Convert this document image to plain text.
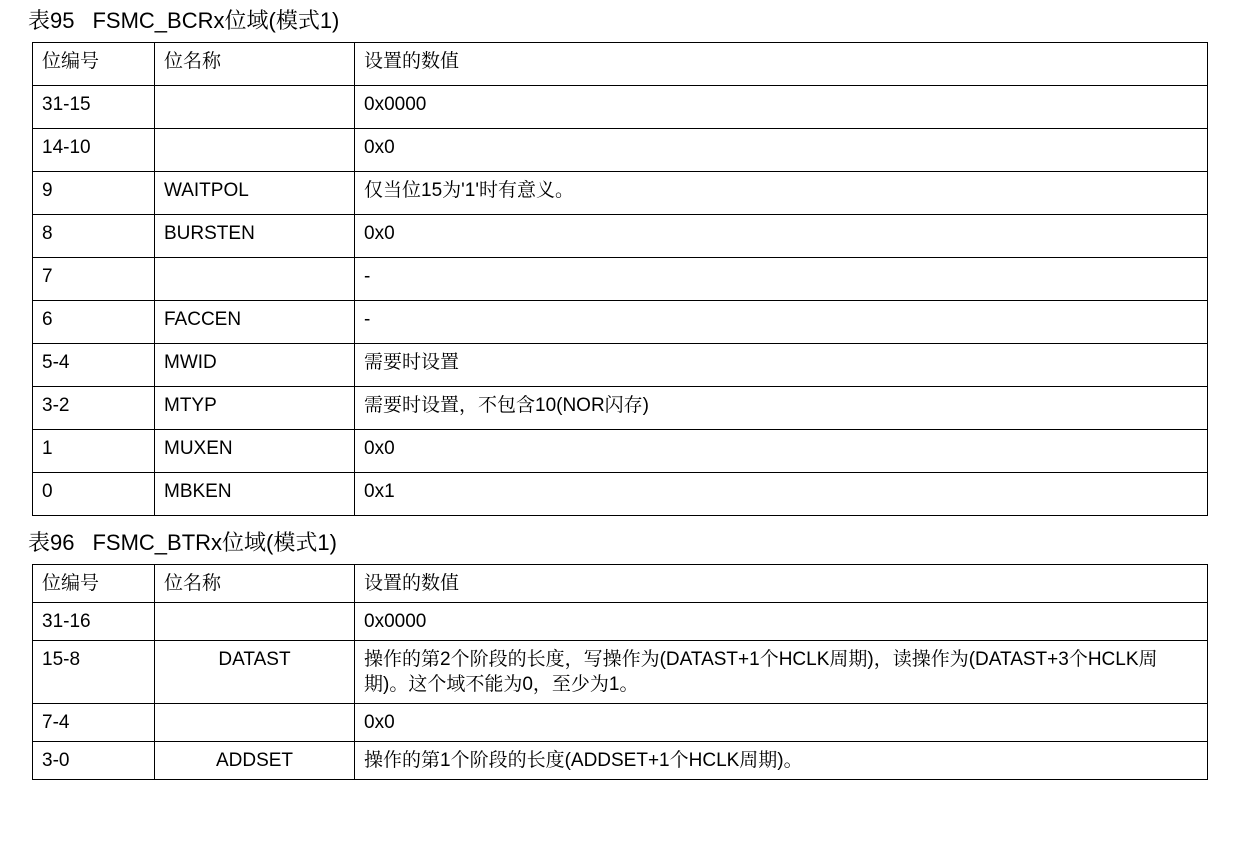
表95 FSMC_BCRx位域(模式1)
位编号	位名称	设置的数值
31-15		0x0000
14-10		0x0
9	WAITPOL	仅当位15为'1'时有意义。
8	BURSTEN	0x0
7		-
6	FACCEN	-
5-4	MWID	需要时设置
3-2	MTYP	需要时设置，不包含10(NOR闪存)
1	MUXEN	0x0
0	MBKEN	0x1
表96 FSMC_BTRx位域(模式1)
位编号	位名称	设置的数值
31-16		0x0000
15-8	DATAST	操作的第2个阶段的长度，写操作为(DATAST+1个HCLK周期)，读操作为(DATAST+3个HCLK周期)。这个域不能为0，至少为1。
7-4		0x0
3-0	ADDSET	操作的第1个阶段的长度(ADDSET+1个HCLK周期)。
